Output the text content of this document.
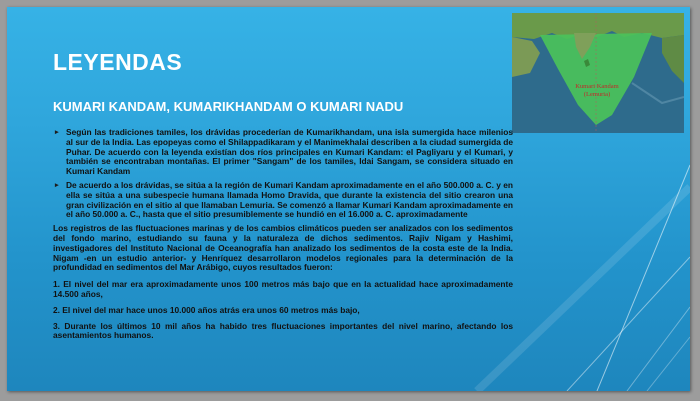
LEYENDAS
KUMARI KANDAM, KUMARIKHANDAM O KUMARI NADU
Kumari Kandam
(Lemuria)
▸ Según las tradiciones tamiles, los drávidas procederían de Kumarikhandam, una isla sumergida hace milenios al sur de la India. Las epopeyas como el Shilappadikaram y el Manimekhalai describen a la ciudad sumergida de Puhar. De acuerdo con la leyenda existían dos ríos principales en Kumari Kandam: el Pagliyaru y el Kumari, y también se encontraban montañas. El primer "Sangam" de los tamiles, Idai Sangam, se considera situado en Kumari Kandam
▸ De acuerdo a los drávidas, se sitúa a la región de Kumari Kandam aproximadamente en el año 500.000 a. C. y en ella se sitúa a una subespecie humana llamada Homo Dravida, que durante la existencia del sitio crearon una gran civilización en el sitio al que llamaban Lemuria. Se comenzó a llamar Kumari Kandam aproximadamente en el año 50.000 a. C., hasta que el sitio presumiblemente se hundió en el 16.000 a. C. aproximadamente

Los registros de las fluctuaciones marinas y de los cambios climáticos pueden ser analizados con los sedimentos del fondo marino, estudiando su fauna y la naturaleza de dichos sedimentos. Rajiv Nigam y Hashimi, investigadores del Instituto Nacional de Oceanografía han analizado los sedimentos de la costa este de la India. Nigam -en un estudio anterior- y Henríquez desarrollaron modelos regionales para la determinación de la profundidad en sedimentos del Mar Arábigo, cuyos resultados fueron:

1. El nivel del mar era aproximadamente unos 100 metros más bajo que en la actualidad hace aproximadamente 14.500 años,

2. El nivel del mar hace unos 10.000 años atrás era unos 60 metros más bajo,

3. Durante los últimos 10 mil años ha habido tres fluctuaciones importantes del nivel marino, afectando los asentamientos humanos.
